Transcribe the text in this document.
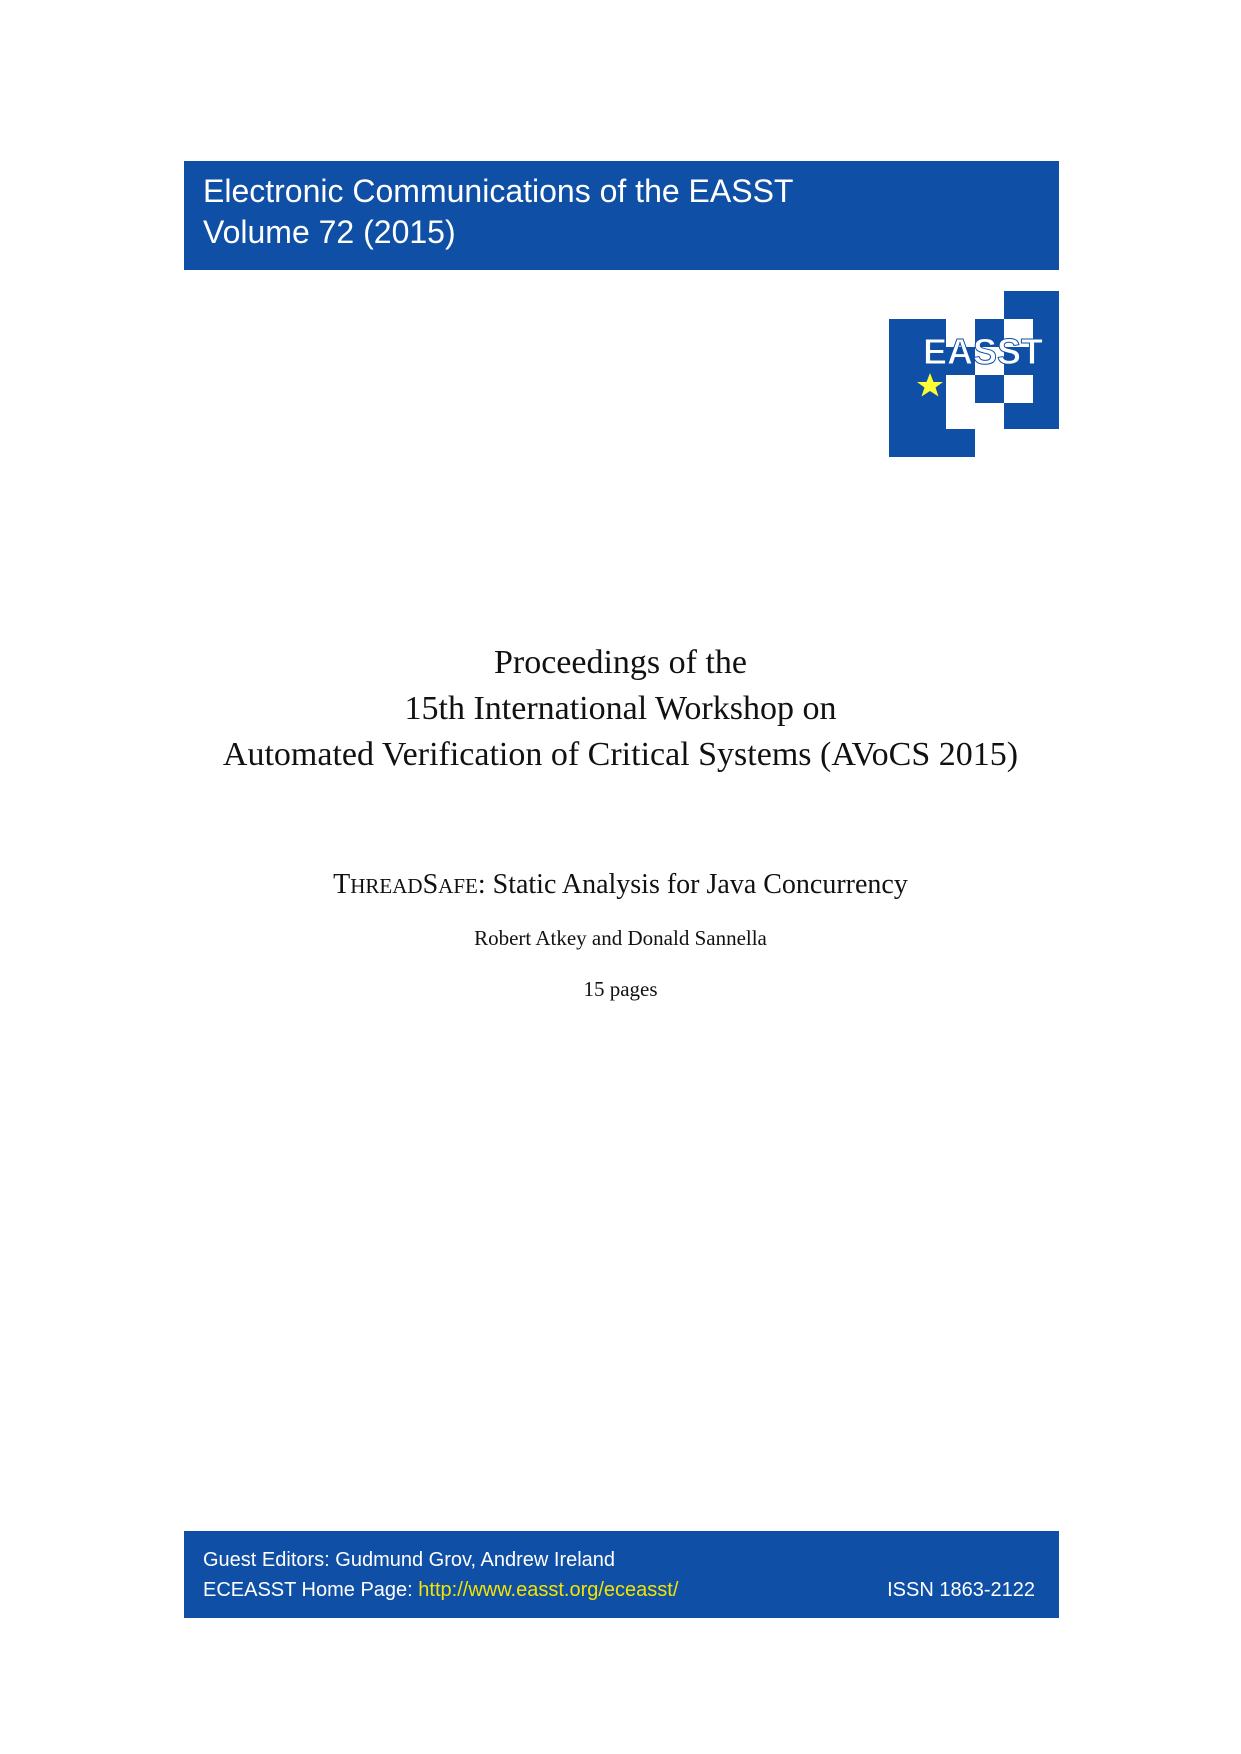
Electronic Communications of the EASST
Volume 72 (2015)
EASST
Proceedings of the
15th International Workshop on
Automated Verification of Critical Systems (AVoCS 2015)
THREADSAFE: Static Analysis for Java Concurrency
Robert Atkey and Donald Sannella
15 pages
Guest Editors: Gudmund Grov, Andrew Ireland
ECEASST Home Page: http://www.easst.org/eceasst/	ISSN 1863-2122
